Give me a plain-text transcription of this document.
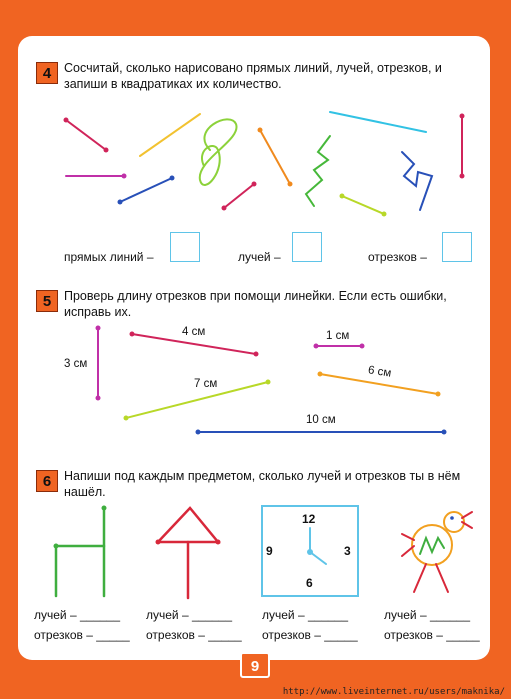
4	Сосчитай, сколько нарисовано прямых линий, лучей, отрезков, и запиши в квадратиках их количество.
прямых линий –	лучей –	отрезков –
5	Проверь длину отрезков при помощи линейки. Если есть ошибки, исправь их.
3 см
4 см	1 см
7 см
6 см
10 см
6	Напиши под каждым предметом, сколько лучей и отрезков ты в нём нашёл.
12
3
6
9
лучей – ______
отрезков – _____
лучей – ______
отрезков – _____
лучей – ______
отрезков – _____
лучей – ______
отрезков – _____
9
http://www.liveinternet.ru/users/maknika/
